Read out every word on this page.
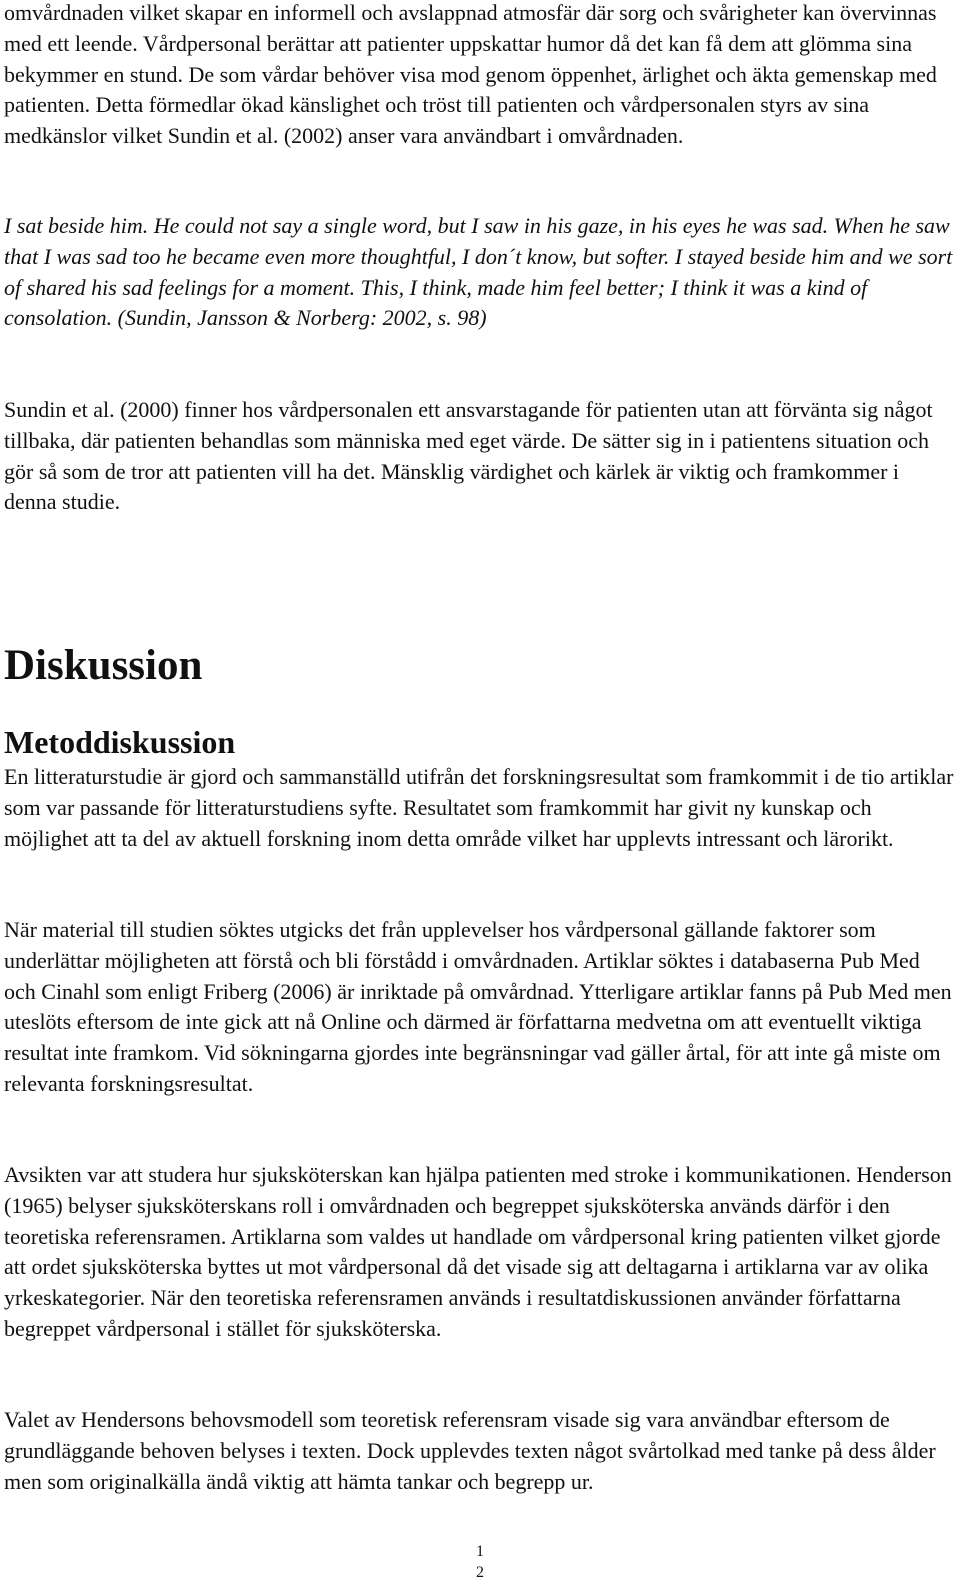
omvårdnaden vilket skapar en informell och avslappnad atmosfär där sorg och svårigheter kan övervinnas med ett leende. Vårdpersonal berättar att patienter uppskattar humor då det kan få dem att glömma sina bekymmer en stund. De som vårdar behöver visa mod genom öppenhet, ärlighet och äkta gemenskap med patienten. Detta förmedlar ökad känslighet och tröst till patienten och vårdpersonalen styrs av sina medkänslor vilket Sundin et al. (2002) anser vara användbart i omvårdnaden.

I sat beside him. He could not say a single word, but I saw in his gaze, in his eyes he was sad. When he saw that I was sad too he became even more thoughtful, I don´t know, but softer. I stayed beside him and we sort of shared his sad feelings for a moment. This, I think, made him feel better; I think it was a kind of consolation. (Sundin, Jansson & Norberg: 2002, s. 98)

Sundin et al. (2000) finner hos vårdpersonalen ett ansvarstagande för patienten utan att förvänta sig något tillbaka, där patienten behandlas som människa med eget värde. De sätter sig in i patientens situation och gör så som de tror att patienten vill ha det. Mänsklig värdighet och kärlek är viktig och framkommer i denna studie.

Diskussion
Metoddiskussion

En litteraturstudie är gjord och sammanställd utifrån det forskningsresultat som framkommit i de tio artiklar som var passande för litteraturstudiens syfte. Resultatet som framkommit har givit ny kunskap och möjlighet att ta del av aktuell forskning inom detta område vilket har upplevts intressant och lärorikt.

När material till studien söktes utgicks det från upplevelser hos vårdpersonal gällande faktorer som underlättar möjligheten att förstå och bli förstådd i omvårdnaden. Artiklar söktes i databaserna Pub Med och Cinahl som enligt Friberg (2006) är inriktade på omvårdnad. Ytterligare artiklar fanns på Pub Med men uteslöts eftersom de inte gick att nå Online och därmed är författarna medvetna om att eventuellt viktiga resultat inte framkom. Vid sökningarna gjordes inte begränsningar vad gäller årtal, för att inte gå miste om relevanta forskningsresultat.

Avsikten var att studera hur sjuksköterskan kan hjälpa patienten med stroke i kommunikationen. Henderson (1965) belyser sjuksköterskans roll i omvårdnaden och begreppet sjuksköterska används därför i den teoretiska referensramen. Artiklarna som valdes ut handlade om vårdpersonal kring patienten vilket gjorde att ordet sjuksköterska byttes ut mot vårdpersonal då det visade sig att deltagarna i artiklarna var av olika yrkeskategorier. När den teoretiska referensramen används i resultatdiskussionen använder författarna begreppet vårdpersonal i stället för sjuksköterska.

Valet av Hendersons behovsmodell som teoretisk referensram visade sig vara användbar eftersom de grundläggande behoven belyses i texten. Dock upplevdes texten något svårtolkad med tanke på dess ålder men som originalkälla ändå viktig att hämta tankar och begrepp ur.

1
2
